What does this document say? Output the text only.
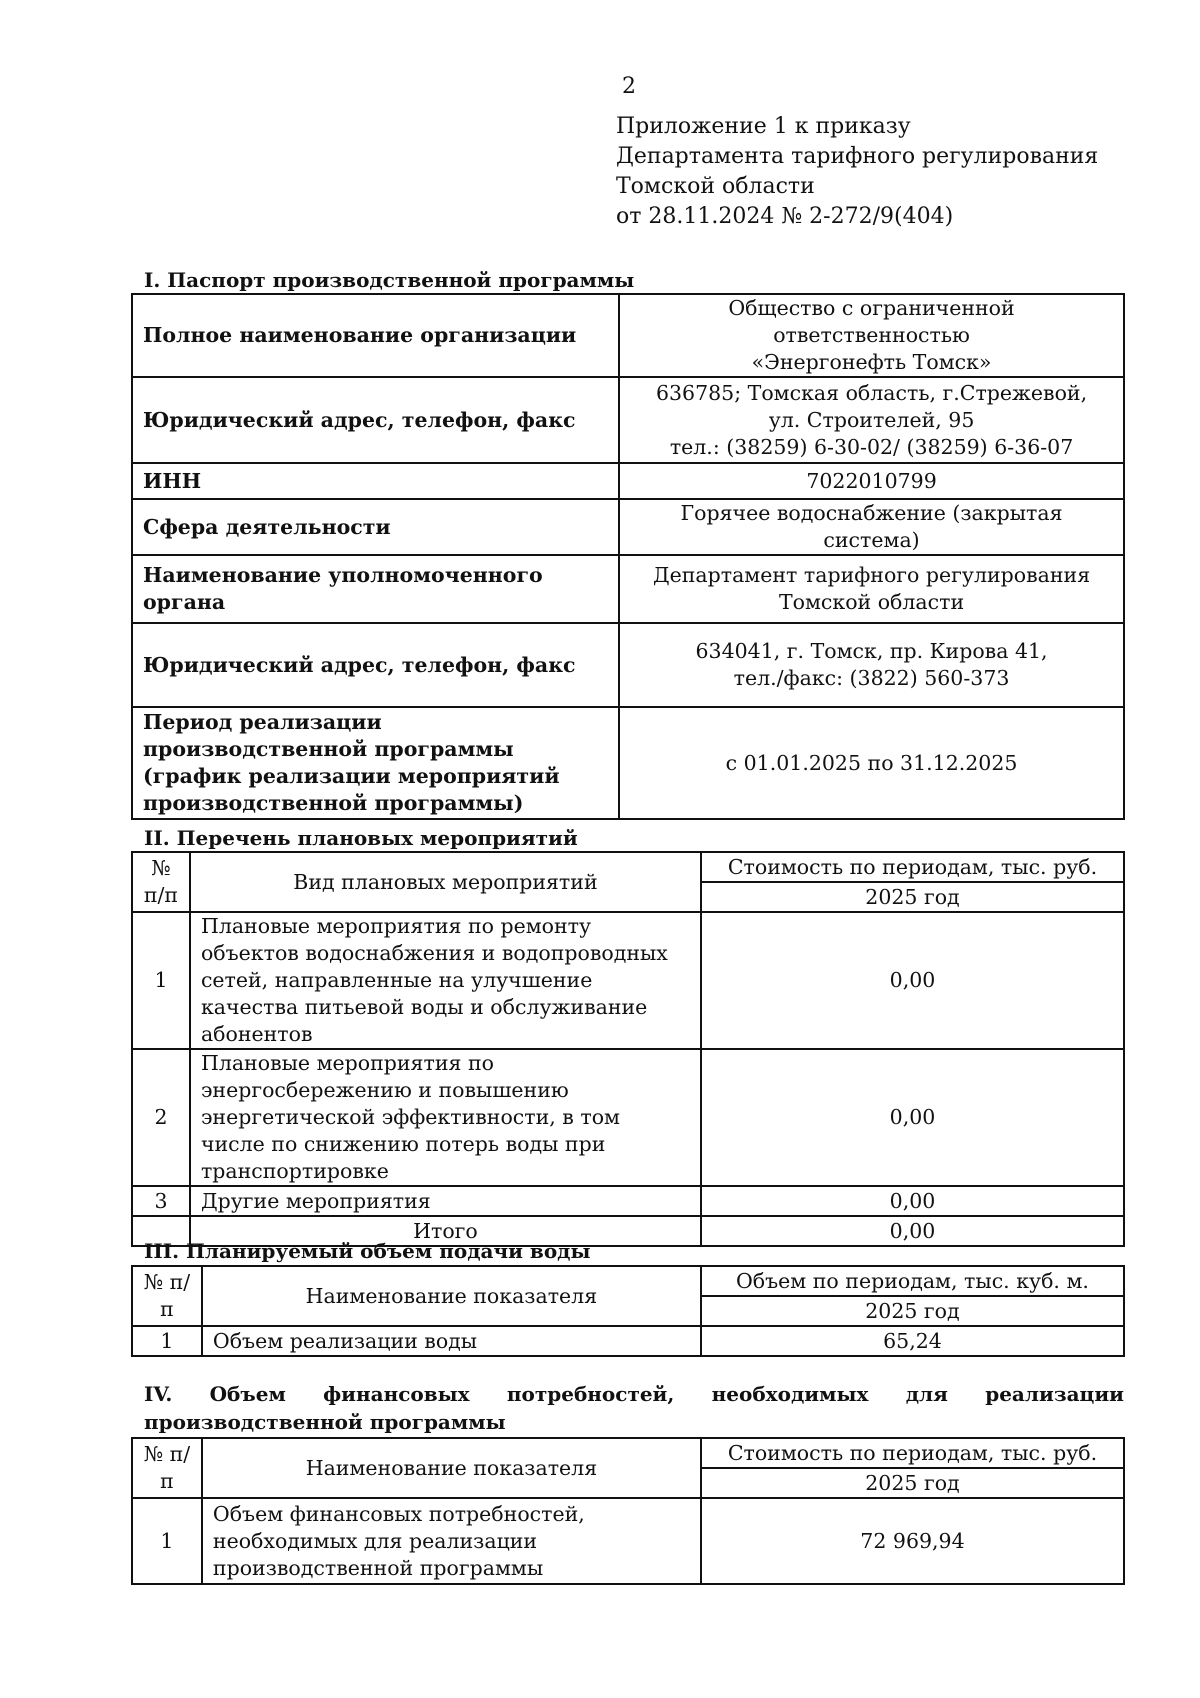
2
Приложение 1 к приказу
Департамента тарифного регулирования
Томской области
от 28.11.2024 № 2-272/9(404)
I. Паспорт производственной программы
Полное наименование организации	Общество с ограниченной ответственностью
«Энергонефть Томск»

Юридический адрес, телефон, факс	636785; Томская область, г.Стрежевой,
ул. Строителей, 95
тел.: (38259) 6-30-02/ (38259) 6-36-07

ИНН	7022010799
Сфера деятельности	Горячее водоснабжение (закрытая система)
Наименование уполномоченного органа	Департамент тарифного регулирования
Томской области

Юридический адрес, телефон, факс	634041, г. Томск, пр. Кирова 41,
тел./факс: (3822) 560-373

Период реализации производственной программы (график реализации мероприятий производственной программы)	с 01.01.2025 по 31.12.2025
II. Перечень плановых мероприятий
№ п/п	Вид плановых мероприятий	Стоимость по периодам, тыс. руб.
		2025 год
1	Плановые мероприятия по ремонту объектов водоснабжения и водопроводных сетей, направленные на улучшение качества питьевой воды и обслуживание абонентов	0,00
2	Плановые мероприятия по энергосбережению и повышению энергетической эффективности, в том числе по снижению потерь воды при транспортировке	0,00
3	Другие мероприятия	0,00
	Итого	0,00
III. Планируемый объем подачи воды
№ п/п	Наименование показателя	Объем по периодам, тыс. куб. м.
		2025 год
1	Объем реализации воды	65,24
IV. Объем финансовых потребностей, необходимых для реализации производственной программы
№ п/п	Наименование показателя	Стоимость по периодам, тыс. руб.
		2025 год
1	Объем финансовых потребностей, необходимых для реализации производственной программы	72 969,94
